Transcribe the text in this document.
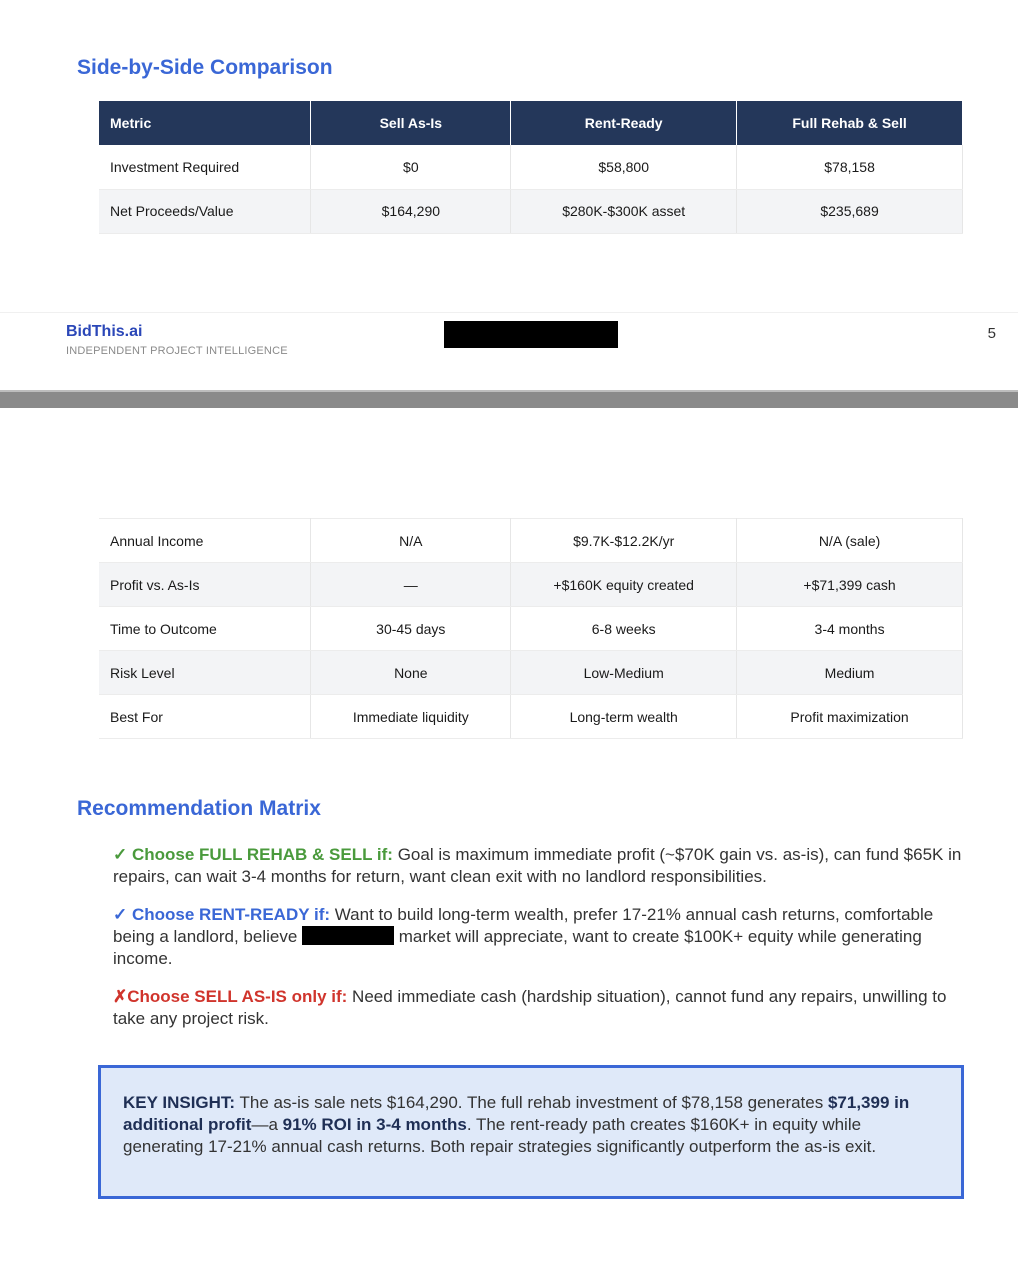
Side-by-Side Comparison
Metric	Sell As-Is	Rent-Ready	Full Rehab & Sell
Investment Required	$0	$58,800	$78,158
Net Proceeds/Value	$164,290	$280K-$300K asset	$235,689
BidThis.ai
INDEPENDENT PROJECT INTELLIGENCE
5
Annual Income	N/A	$9.7K-$12.2K/yr	N/A (sale)
Profit vs. As-Is	—	+$160K equity created	+$71,399 cash
Time to Outcome	30-45 days	6-8 weeks	3-4 months
Risk Level	None	Low-Medium	Medium
Best For	Immediate liquidity	Long-term wealth	Profit maximization
Recommendation Matrix

✓ Choose FULL REHAB & SELL if: Goal is maximum immediate profit (~$70K gain vs. as-is), can fund $65K in repairs, can wait 3-4 months for return, want clean exit with no landlord responsibilities.

✓ Choose RENT-READY if: Want to build long-term wealth, prefer 17-21% annual cash returns, comfortable being a landlord, believe	market will appreciate, want to create $100K+ equity while generating income.

✗Choose SELL AS-IS only if: Need immediate cash (hardship situation), cannot fund any repairs, unwilling to take any project risk.

KEY INSIGHT: The as-is sale nets $164,290. The full rehab investment of $78,158 generates $71,399 in additional profit—a 91% ROI in 3-4 months. The rent-ready path creates $160K+ in equity while generating 17-21% annual cash returns. Both repair strategies significantly outperform the as-is exit.
